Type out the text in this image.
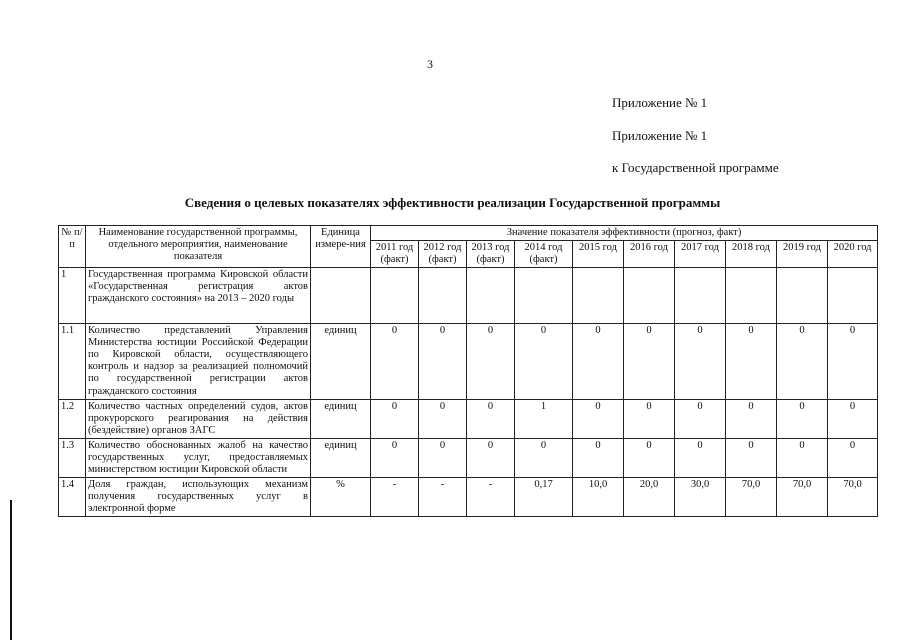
3
Приложение № 1
Приложение № 1
к Государственной программе
Сведения о целевых показателях эффективности реализации Государственной программы
№ п/п	Наименование государственной программы, отдельного мероприятия, наименование показателя	Единица измере-ния	Значение показателя эффективности (прогноз, факт)									
			2011 год (факт)	2012 год (факт)	2013 год (факт)	2014 год (факт)	2015 год	2016 год	2017 год	2018 год	2019 год	2020 год
1	Государственная программа Кировской области «Государственная регистрация актов гражданского состояния» на 2013 – 2020 годы											
1.1	Количество представлений Управления Министерства юстиции Российской Федерации по Кировской области, осуществляющего контроль и надзор за реализацией полномочий по государственной регистрации актов гражданского состояния	единиц	0	0	0	0	0	0	0	0	0	0
1.2	Количество частных определений судов, актов прокурорского реагирования на действия (бездействие) органов ЗАГС	единиц	0	0	0	1	0	0	0	0	0	0
1.3	Количество обоснованных жалоб на качество государственных услуг, предоставляемых министерством юстиции Кировской области	единиц	0	0	0	0	0	0	0	0	0	0
1.4	Доля граждан, использующих механизм получения государственных услуг в электронной форме	%	-	-	-	0,17	10,0	20,0	30,0	70,0	70,0	70,0
